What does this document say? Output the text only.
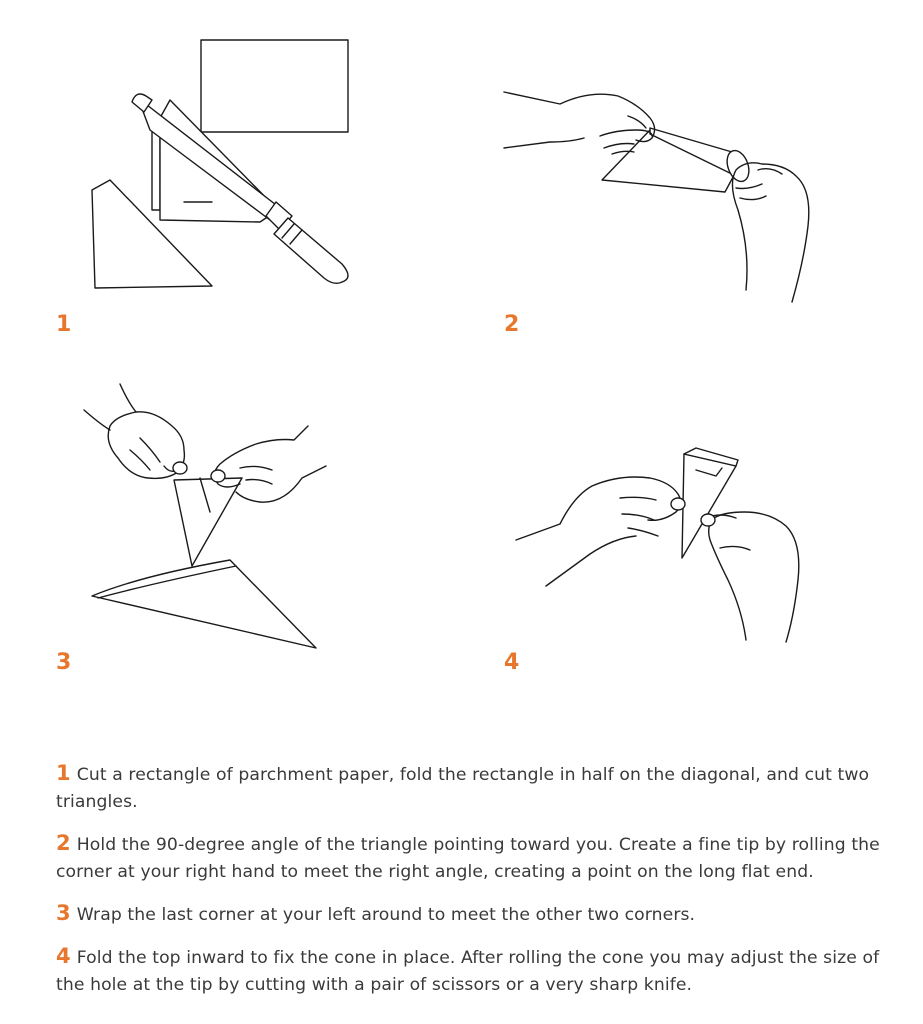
1	2
3	4

1 Cut a rectangle of parchment paper, fold the rectangle in half on the diagonal, and cut two triangles.

2 Hold the 90-degree angle of the triangle pointing toward you. Create a fine tip by rolling the corner at your right hand to meet the right angle, creating a point on the long flat end.

3 Wrap the last corner at your left around to meet the other two corners.

4 Fold the top inward to fix the cone in place. After rolling the cone you may adjust the size of the hole at the tip by cutting with a pair of scissors or a very sharp knife.
